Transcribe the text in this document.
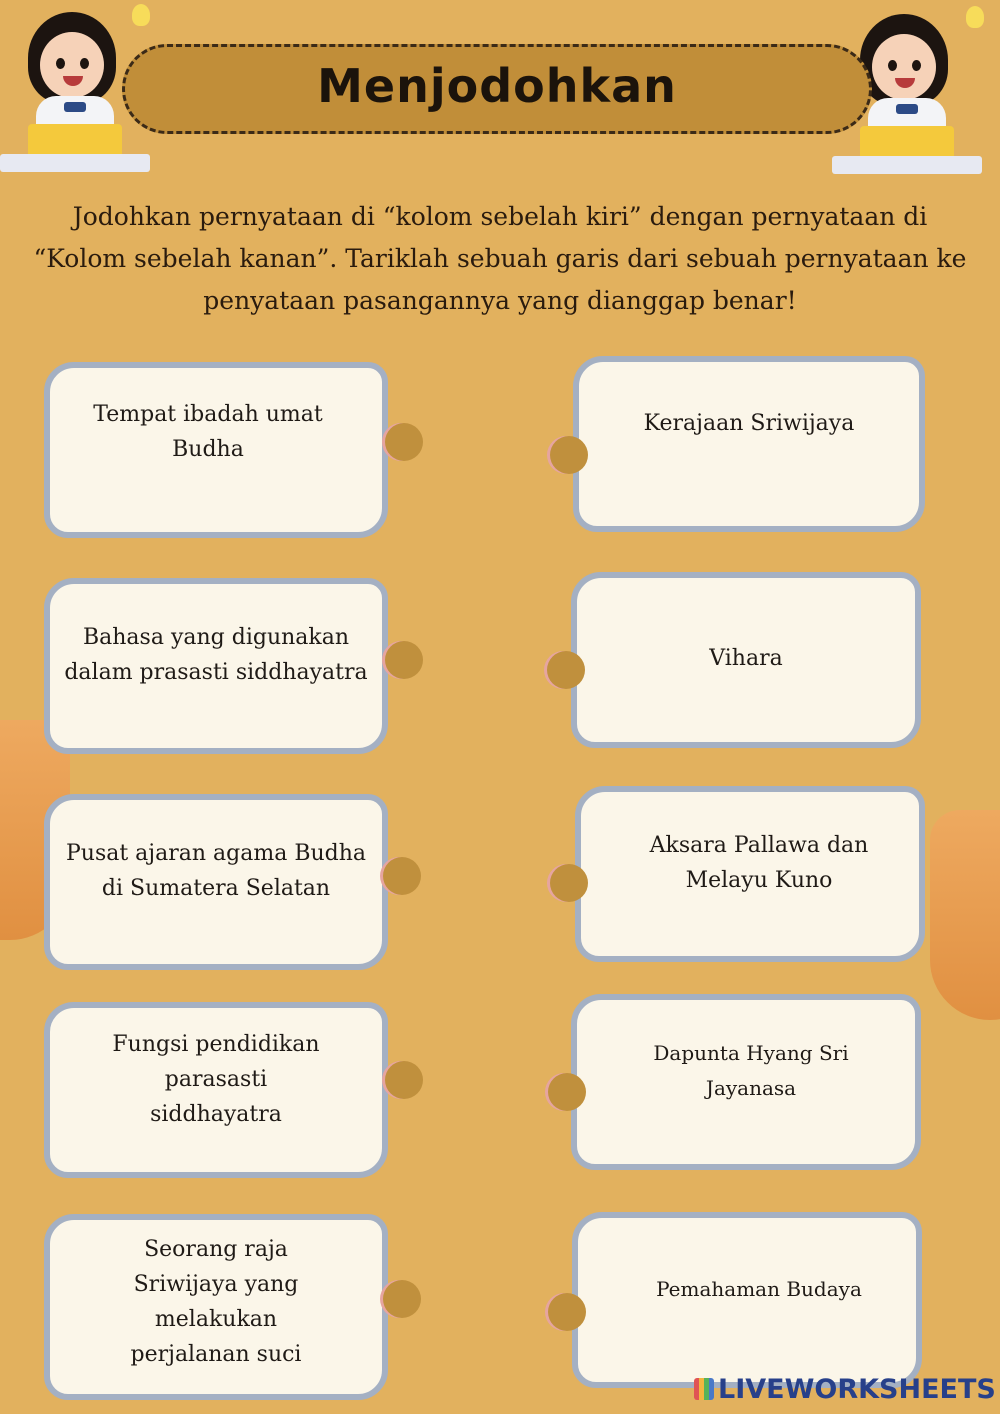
Menjodohkan
Jodohkan pernyataan di “kolom sebelah kiri” dengan pernyataan di
“Kolom sebelah kanan”. Tariklah sebuah garis dari sebuah pernyataan ke
penyataan pasangannya yang dianggap benar!
Tempat ibadah umat Budha
Bahasa yang digunakan dalam prasasti siddhayatra
Pusat ajaran agama Budha di Sumatera Selatan
Fungsi pendidikan parasasti siddhayatra
Seorang raja Sriwijaya yang melakukan perjalanan suci
Kerajaan Sriwijaya
Vihara
Aksara Pallawa dan Melayu Kuno
Dapunta Hyang Sri Jayanasa
Pemahaman Budaya
LIVEWORKSHEETS
